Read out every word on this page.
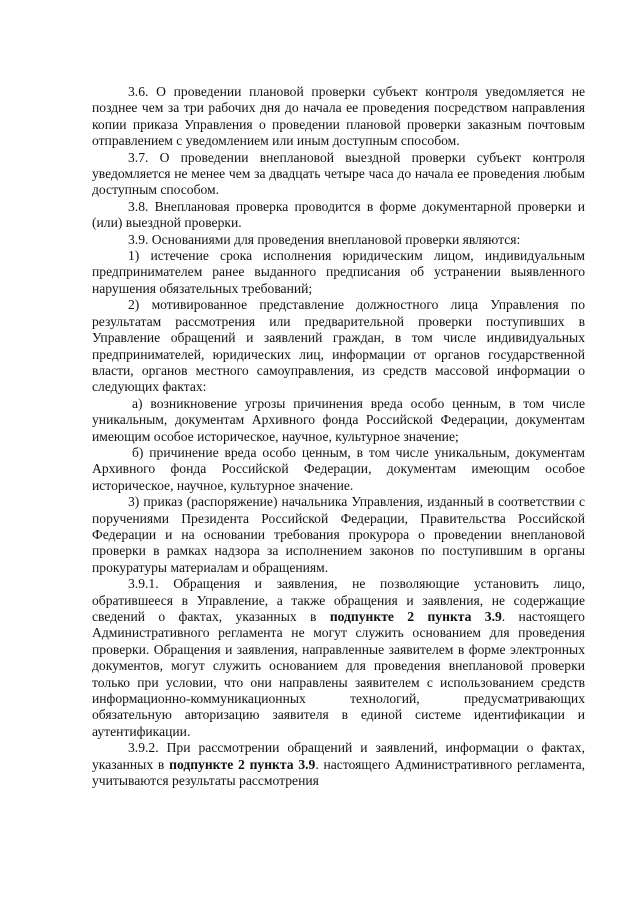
3.6. О проведении плановой проверки субъект контроля уведомляется не позднее чем за три рабочих дня до начала ее проведения посредством направления копии приказа Управления о проведении плановой проверки заказным почтовым отправлением с уведомлением или иным доступным способом.

3.7. О проведении внеплановой выездной проверки субъект контроля уведомляется не менее чем за двадцать четыре часа до начала ее проведения любым доступным способом.

3.8. Внеплановая проверка проводится в форме документарной проверки и (или) выездной проверки.

3.9. Основаниями для проведения внеплановой проверки являются:

1) истечение срока исполнения юридическим лицом, индивидуальным предпринимателем ранее выданного предписания об устранении выявленного нарушения обязательных требований;

2) мотивированное представление должностного лица Управления по результатам рассмотрения или предварительной проверки поступивших в Управление обращений и заявлений граждан, в том числе индивидуальных предпринимателей, юридических лиц, информации от органов государственной власти, органов местного самоуправления, из средств массовой информации о следующих фактах:

а) возникновение угрозы причинения вреда особо ценным, в том числе уникальным, документам Архивного фонда Российской Федерации, документам имеющим особое историческое, научное, культурное значение;

б) причинение вреда особо ценным, в том числе уникальным, документам Архивного фонда Российской Федерации, документам имеющим особое историческое, научное, культурное значение.

3) приказ (распоряжение) начальника Управления, изданный в соответствии с поручениями Президента Российской Федерации, Правительства Российской Федерации и на основании требования прокурора о проведении внеплановой проверки в рамках надзора за исполнением законов по поступившим в органы прокуратуры материалам и обращениям.

3.9.1. Обращения и заявления, не позволяющие установить лицо, обратившееся в Управление, а также обращения и заявления, не содержащие сведений о фактах, указанных в подпункте 2 пункта 3.9. настоящего Административного регламента не могут служить основанием для проведения проверки. Обращения и заявления, направленные заявителем в форме электронных документов, могут служить основанием для проведения внеплановой проверки только при условии, что они направлены заявителем с использованием средств информационно-коммуникационных технологий, предусматривающих обязательную авторизацию заявителя в единой системе идентификации и аутентификации.

3.9.2. При рассмотрении обращений и заявлений, информации о фактах, указанных в подпункте 2 пункта 3.9. настоящего Административного регламента, учитываются результаты рассмотрения
